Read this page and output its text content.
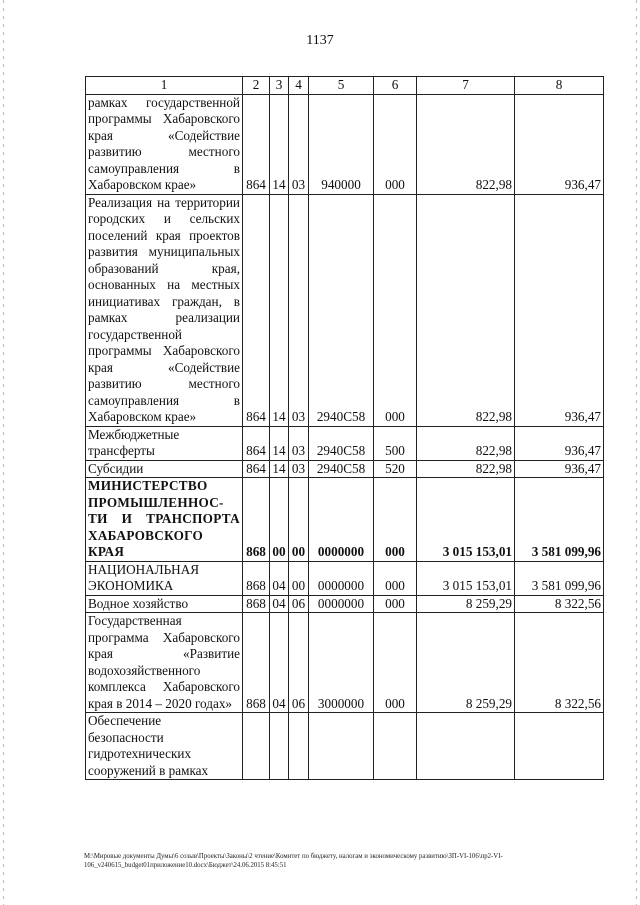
1137
1	2	3	4	5	6	7	8
рамках государственной программы Хабаровского края «Содействие развитию местного самоуправления в Хабаровском крае»	864	14	03	940000	000	822,98	936,47
Реализация на территории городских и сельских поселений края проектов развития муниципальных образований края, основанных на местных инициативах граждан, в рамках реализации государственной программы Хабаровского края «Содействие развитию местного самоуправления в Хабаровском крае»	864	14	03	2940С58	000	822,98	936,47
Межбюджетные трансферты	864	14	03	2940С58	500	822,98	936,47
Субсидии	864	14	03	2940С58	520	822,98	936,47
МИНИСТЕРСТВО ПРОМЫШЛЕННОС-ТИ И ТРАНСПОРТА ХАБАРОВСКОГО КРАЯ	868	00	00	0000000	000	3 015 153,01	3 581 099,96
НАЦИОНАЛЬНАЯ ЭКОНОМИКА	868	04	00	0000000	000	3 015 153,01	3 581 099,96
Водное хозяйство	868	04	06	0000000	000	8 259,29	8 322,56
Государственная программа Хабаровского края «Развитие водохозяйственного комплекса Хабаровского края в 2014 – 2020 годах»	868	04	06	3000000	000	8 259,29	8 322,56
Обеспечение безопасности гидротехнических сооружений в рамках							
M:\Мировые документы Думы\6 созыв\Проекты\Законы\2 чтение\Комитет по бюджету, налогам и экономическому развитию\ЗП-VI-106\пр2-VI-106_v240615_budget01приложение10.docx\Бюджет\24.06.2015 8:45:51
